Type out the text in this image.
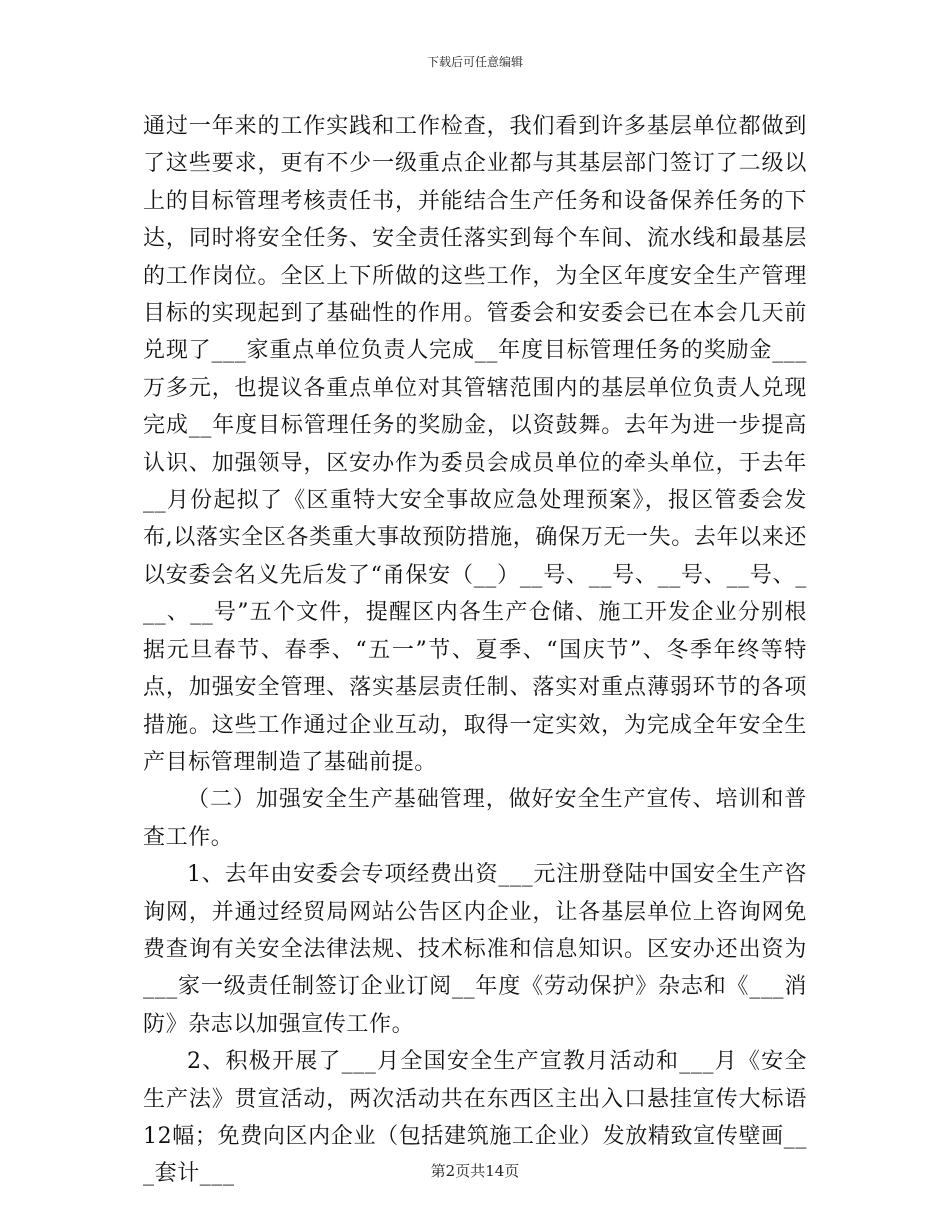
下载后可任意编辑

通过一年来的工作实践和工作检查，我们看到许多基层单位都做到了这些要求，更有不少一级重点企业都与其基层部门签订了二级以上的目标管理考核责任书，并能结合生产任务和设备保养任务的下达，同时将安全任务、安全责任落实到每个车间、流水线和最基层的工作岗位。全区上下所做的这些工作，为全区年度安全生产管理目标的实现起到了基础性的作用。管委会和安委会已在本会几天前兑现了___家重点单位负责人完成__年度目标管理任务的奖励金___万多元，也提议各重点单位对其管辖范围内的基层单位负责人兑现完成__年度目标管理任务的奖励金，以资鼓舞。去年为进一步提高认识、加强领导，区安办作为委员会成员单位的牵头单位，于去年__月份起拟了《区重特大安全事故应急处理预案》，报区管委会发布,以落实全区各类重大事故预防措施，确保万无一失。去年以来还以安委会名义先后发了“甬保安（__）__号、__号、__号、__号、___、__号”五个文件，提醒区内各生产仓储、施工开发企业分别根据元旦春节、春季、“五一”节、夏季、“国庆节”、冬季年终等特点，加强安全管理、落实基层责任制、落实对重点薄弱环节的各项措施。这些工作通过企业互动，取得一定实效，为完成全年安全生产目标管理制造了基础前提。

（二）加强安全生产基础管理，做好安全生产宣传、培训和普查工作。

1、去年由安委会专项经费出资___元注册登陆中国安全生产咨询网，并通过经贸局网站公告区内企业，让各基层单位上咨询网免费查询有关安全法律法规、技术标准和信息知识。区安办还出资为___家一级责任制签订企业订阅__年度《劳动保护》杂志和《___消防》杂志以加强宣传工作。

2、积极开展了___月全国安全生产宣教月活动和___月《安全生产法》贯宣活动，两次活动共在东西区主出入口悬挂宣传大标语12幅；免费向区内企业（包括建筑施工企业）发放精致宣传壁画___套计___	第2页共14页
